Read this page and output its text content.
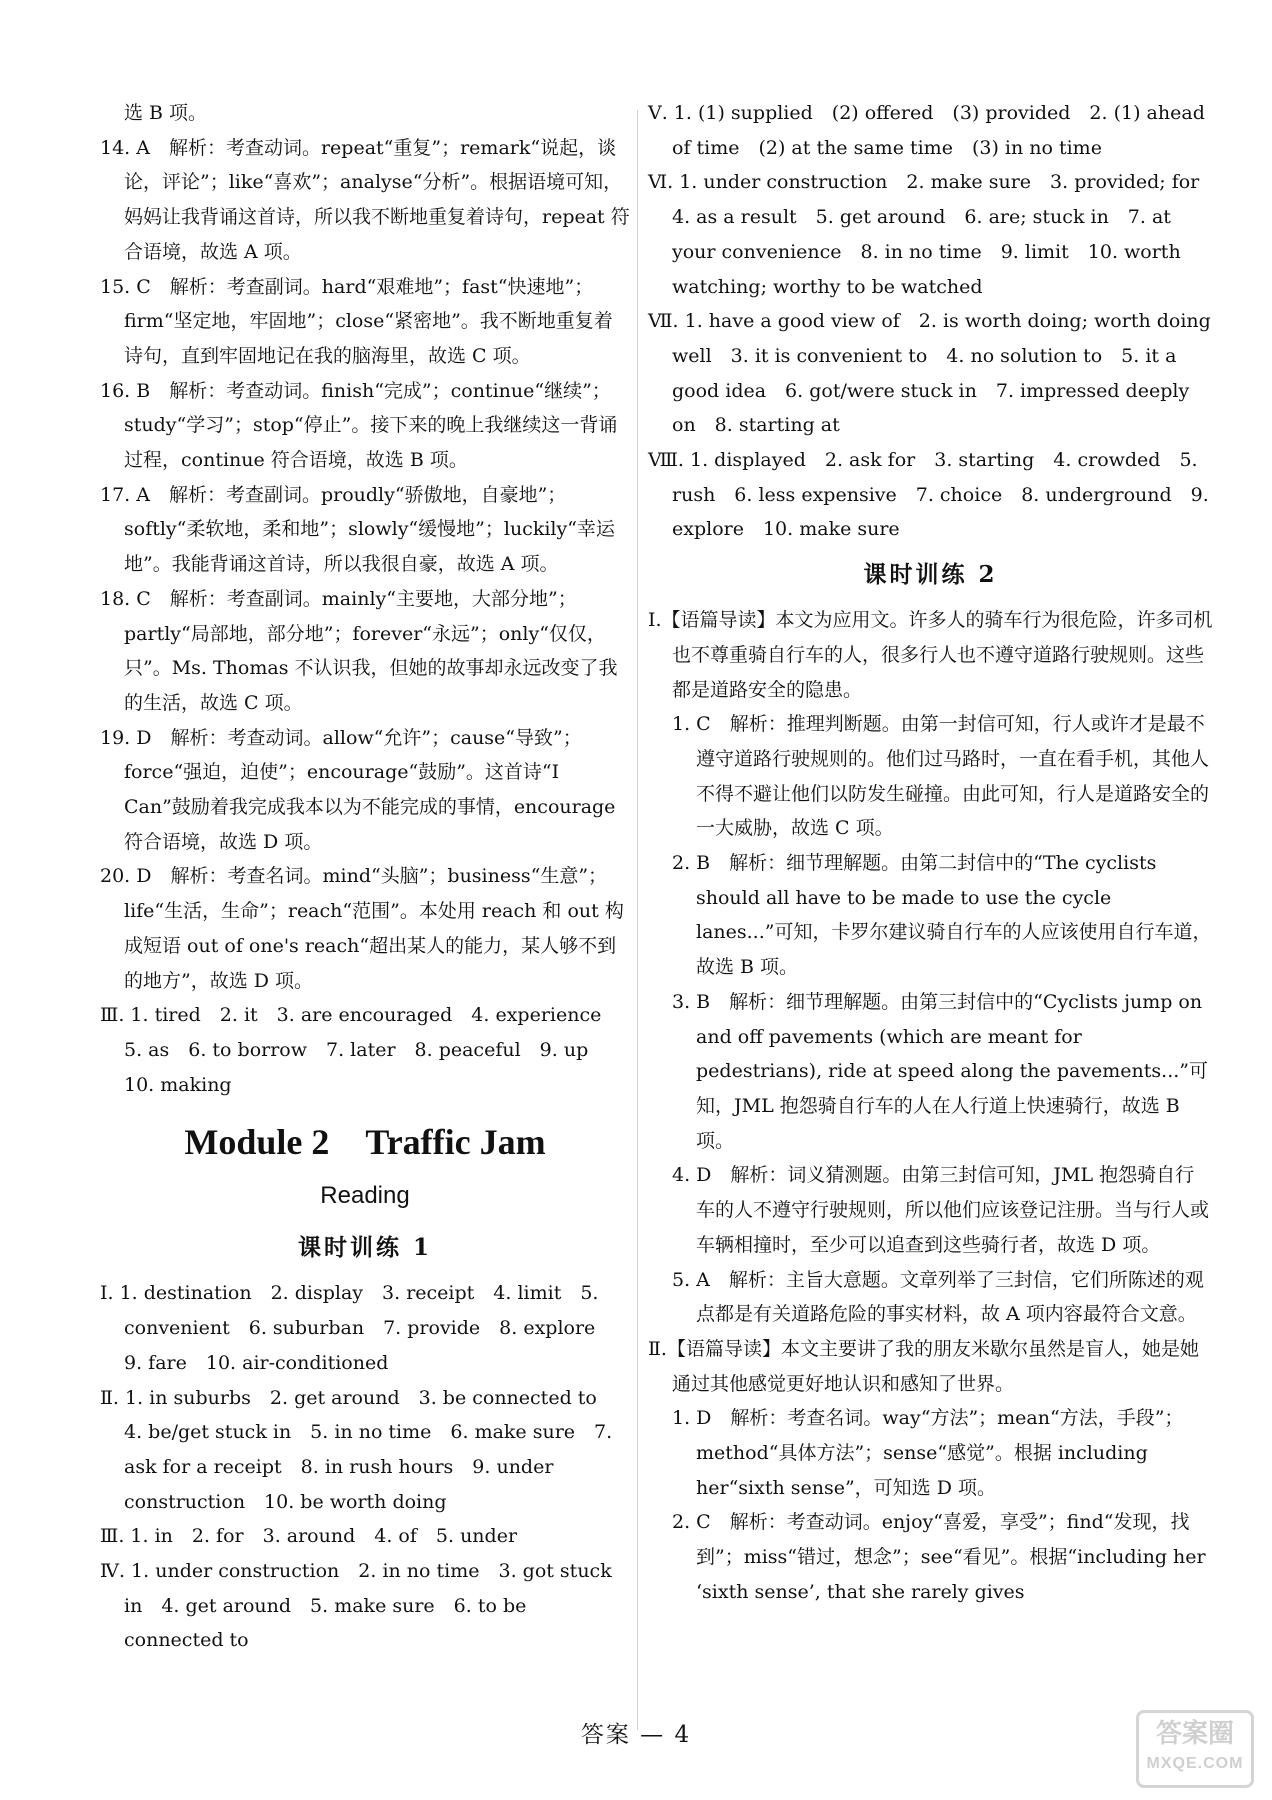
选 B 项。
14. A　解析：考查动词。repeat“重复”；remark“说起，谈论，评论”；like“喜欢”；analyse“分析”。根据语境可知，妈妈让我背诵这首诗，所以我不断地重复着诗句，repeat 符合语境，故选 A 项。
15. C　解析：考查副词。hard“艰难地”；fast“快速地”；firm“坚定地，牢固地”；close“紧密地”。我不断地重复着诗句，直到牢固地记在我的脑海里，故选 C 项。
16. B　解析：考查动词。finish“完成”；continue“继续”；study“学习”；stop“停止”。接下来的晚上我继续这一背诵过程，continue 符合语境，故选 B 项。
17. A　解析：考查副词。proudly“骄傲地，自豪地”；softly“柔软地，柔和地”；slowly“缓慢地”；luckily“幸运地”。我能背诵这首诗，所以我很自豪，故选 A 项。
18. C　解析：考查副词。mainly“主要地，大部分地”；partly“局部地，部分地”；forever“永远”；only“仅仅，只”。Ms. Thomas 不认识我，但她的故事却永远改变了我的生活，故选 C 项。
19. D　解析：考查动词。allow“允许”；cause“导致”；force“强迫，迫使”；encourage“鼓励”。这首诗“I Can”鼓励着我完成我本以为不能完成的事情，encourage 符合语境，故选 D 项。
20. D　解析：考查名词。mind“头脑”；business“生意”；life“生活，生命”；reach“范围”。本处用 reach 和 out 构成短语 out of one's reach“超出某人的能力，某人够不到的地方”，故选 D 项。
Ⅲ. 1. tired　2. it　3. are encouraged　4. experience　5. as　6. to borrow　7. later　8. peaceful　9. up　10. making
Module 2　Traffic Jam
Reading
课时训练 1
Ⅰ. 1. destination　2. display　3. receipt　4. limit　5. convenient　6. suburban　7. provide　8. explore　9. fare　10. air-conditioned
Ⅱ. 1. in suburbs　2. get around　3. be connected to　4. be/get stuck in　5. in no time　6. make sure　7. ask for a receipt　8. in rush hours　9. under construction　10. be worth doing
Ⅲ. 1. in　2. for　3. around　4. of　5. under
Ⅳ. 1. under construction　2. in no time　3. got stuck in　4. get around　5. make sure　6. to be connected to
Ⅴ. 1. (1) supplied　(2) offered　(3) provided　2. (1) ahead of time　(2) at the same time　(3) in no time
Ⅵ. 1. under construction　2. make sure　3. provided; for　4. as a result　5. get around　6. are; stuck in　7. at your convenience　8. in no time　9. limit　10. worth watching; worthy to be watched
Ⅶ. 1. have a good view of　2. is worth doing; worth doing well　3. it is convenient to　4. no solution to　5. it a good idea　6. got/were stuck in　7. impressed deeply on　8. starting at
Ⅷ. 1. displayed　2. ask for　3. starting　4. crowded　5. rush　6. less expensive　7. choice　8. underground　9. explore　10. make sure
课时训练 2
Ⅰ.【语篇导读】本文为应用文。许多人的骑车行为很危险，许多司机也不尊重骑自行车的人，很多行人也不遵守道路行驶规则。这些都是道路安全的隐患。
1. C　解析：推理判断题。由第一封信可知，行人或许才是最不遵守道路行驶规则的。他们过马路时，一直在看手机，其他人不得不避让他们以防发生碰撞。由此可知，行人是道路安全的一大威胁，故选 C 项。
2. B　解析：细节理解题。由第二封信中的“The cyclists should all have to be made to use the cycle lanes...”可知，卡罗尔建议骑自行车的人应该使用自行车道，故选 B 项。
3. B　解析：细节理解题。由第三封信中的“Cyclists jump on and off pavements (which are meant for pedestrians), ride at speed along the pavements...”可知，JML 抱怨骑自行车的人在人行道上快速骑行，故选 B 项。
4. D　解析：词义猜测题。由第三封信可知，JML 抱怨骑自行车的人不遵守行驶规则，所以他们应该登记注册。当与行人或车辆相撞时，至少可以追查到这些骑行者，故选 D 项。
5. A　解析：主旨大意题。文章列举了三封信，它们所陈述的观点都是有关道路危险的事实材料，故 A 项内容最符合文意。
Ⅱ.【语篇导读】本文主要讲了我的朋友米歇尔虽然是盲人，她是她通过其他感觉更好地认识和感知了世界。
1. D　解析：考查名词。way“方法”；mean“方法，手段”；method“具体方法”；sense“感觉”。根据 including her“sixth sense”，可知选 D 项。
2. C　解析：考查动词。enjoy“喜爱，享受”；find“发现，找到”；miss“错过，想念”；see“看见”。根据“including her ‘sixth sense’, that she rarely gives
答案 — 4	答案圈
MXQE.COM
